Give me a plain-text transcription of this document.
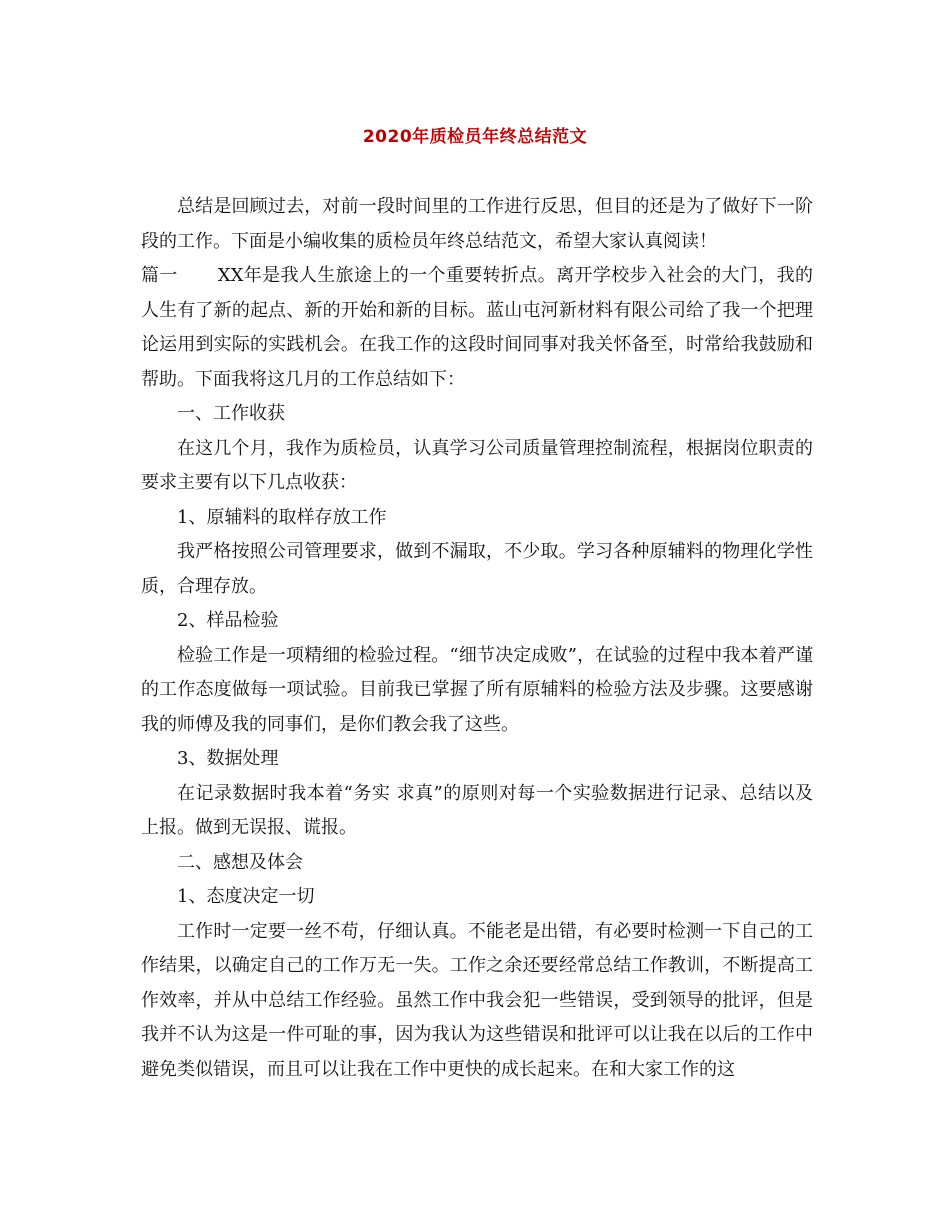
2020年质检员年终总结范文

总结是回顾过去，对前一段时间里的工作进行反思，但目的还是为了做好下一阶段的工作。下面是小编收集的质检员年终总结范文，希望大家认真阅读！

篇一 XX年是我人生旅途上的一个重要转折点。离开学校步入社会的大门，我的人生有了新的起点、新的开始和新的目标。蓝山屯河新材料有限公司给了我一个把理论运用到实际的实践机会。在我工作的这段时间同事对我关怀备至，时常给我鼓励和帮助。下面我将这几月的工作总结如下：

一、工作收获

在这几个月，我作为质检员，认真学习公司质量管理控制流程，根据岗位职责的要求主要有以下几点收获：

1、原辅料的取样存放工作

我严格按照公司管理要求，做到不漏取，不少取。学习各种原辅料的物理化学性质，合理存放。

2、样品检验

检验工作是一项精细的检验过程。“细节决定成败”，在试验的过程中我本着严谨的工作态度做每一项试验。目前我已掌握了所有原辅料的检验方法及步骤。这要感谢我的师傅及我的同事们，是你们教会我了这些。

3、数据处理

在记录数据时我本着“务实 求真”的原则对每一个实验数据进行记录、总结以及上报。做到无误报、谎报。

二、感想及体会

1、态度决定一切

工作时一定要一丝不苟，仔细认真。不能老是出错，有必要时检测一下自己的工作结果，以确定自己的工作万无一失。工作之余还要经常总结工作教训，不断提高工作效率，并从中总结工作经验。虽然工作中我会犯一些错误，受到领导的批评，但是我并不认为这是一件可耻的事，因为我认为这些错误和批评可以让我在以后的工作中避免类似错误，而且可以让我在工作中更快的成长起来。在和大家工作的这
